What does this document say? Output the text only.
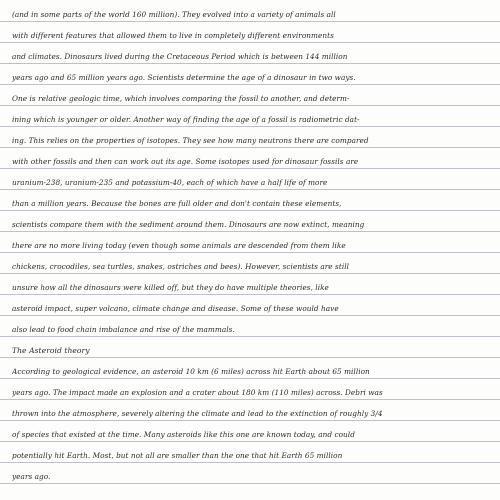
(and in some parts of the world 160 million). They evolved into a variety of animals all
with different features that allowed them to live in completely different environments
and climates. Dinosaurs lived during the Cretaceous Period which is between 144 million
years ago and 65 million years ago. Scientists determine the age of a dinosaur in two ways.
One is relative geologic time, which involves comparing the fossil to another, and determ-
ining which is younger or older. Another way of finding the age of a fossil is radiometric dat-
ing. This relies on the properties of isotopes. They see how many neutrons there are compared
with other fossils and then can work out its age. Some isotopes used for dinosaur fossils are
uranium-238, uranium-235 and potassium-40, each of which have a half life of more
than a million years. Because the bones are full older and don't contain these elements,
scientists compare them with the sediment around them. Dinosaurs are now extinct, meaning
there are no more living today (even though some animals are descended from them like
chickens, crocodiles, sea turtles, snakes, ostriches and bees). However, scientists are still
unsure how all the dinosaurs were killed off, but they do have multiple theories, like
asteroid impact, super volcano, climate change and disease. Some of these would have
also lead to food chain imbalance and rise of the mammals.
The Asteroid theory
According to geological evidence, an asteroid 10 km (6 miles) across hit Earth about 65 million
years ago. The impact made an explosion and a crater about 180 km (110 miles) across. Debri was
thrown into the atmosphere, severely altering the climate and lead to the extinction of roughly 3/4
of species that existed at the time. Many asteroids like this one are known today, and could
potentially hit Earth. Most, but not all are smaller than the one that hit Earth 65 million
years ago.
